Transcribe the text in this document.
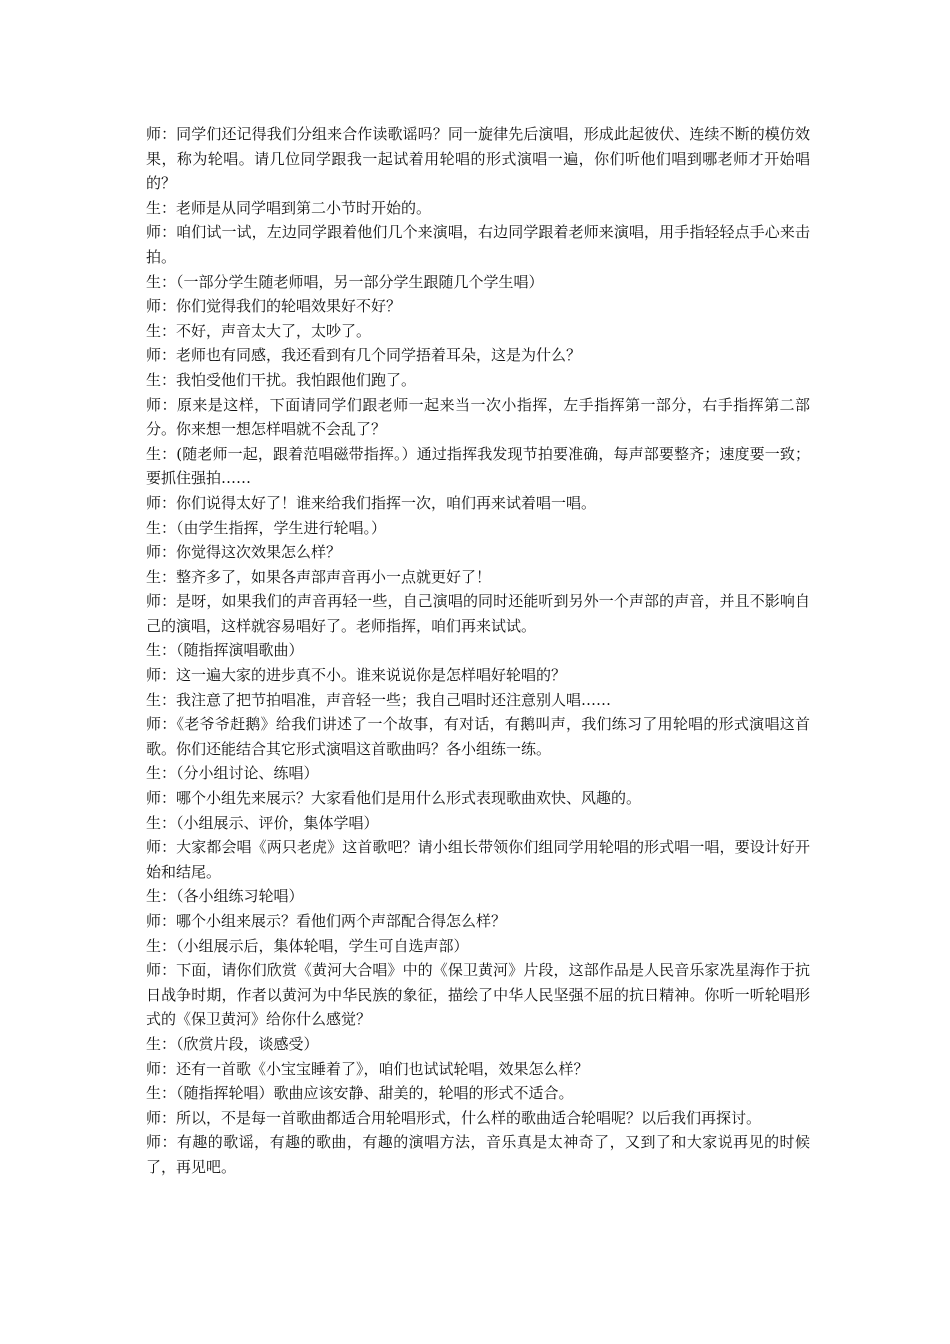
师：同学们还记得我们分组来合作读歌谣吗？同一旋律先后演唱，形成此起彼伏、连续不断的模仿效果，称为轮唱。请几位同学跟我一起试着用轮唱的形式演唱一遍，你们听他们唱到哪老师才开始唱的？

生：老师是从同学唱到第二小节时开始的。

师：咱们试一试，左边同学跟着他们几个来演唱，右边同学跟着老师来演唱，用手指轻轻点手心来击拍。

生：（一部分学生随老师唱，另一部分学生跟随几个学生唱）

师：你们觉得我们的轮唱效果好不好？

生：不好，声音太大了，太吵了。

师：老师也有同感，我还看到有几个同学捂着耳朵，这是为什么？

生：我怕受他们干扰。我怕跟他们跑了。

师：原来是这样，下面请同学们跟老师一起来当一次小指挥，左手指挥第一部分，右手指挥第二部分。你来想一想怎样唱就不会乱了？

生：(随老师一起，跟着范唱磁带指挥。）通过指挥我发现节拍要准确，每声部要整齐；速度要一致；要抓住强拍……

师：你们说得太好了！谁来给我们指挥一次，咱们再来试着唱一唱。

生：（由学生指挥，学生进行轮唱。）

师：你觉得这次效果怎么样？

生：整齐多了，如果各声部声音再小一点就更好了！

师：是呀，如果我们的声音再轻一些，自己演唱的同时还能听到另外一个声部的声音，并且不影响自己的演唱，这样就容易唱好了。老师指挥，咱们再来试试。

生：（随指挥演唱歌曲）

师：这一遍大家的进步真不小。谁来说说你是怎样唱好轮唱的？

生：我注意了把节拍唱准，声音轻一些；我自己唱时还注意别人唱……

师：《老爷爷赶鹅》给我们讲述了一个故事，有对话，有鹅叫声，我们练习了用轮唱的形式演唱这首歌。你们还能结合其它形式演唱这首歌曲吗？各小组练一练。

生：（分小组讨论、练唱）

师：哪个小组先来展示？大家看他们是用什么形式表现歌曲欢快、风趣的。

生：（小组展示、评价，集体学唱）

师：大家都会唱《两只老虎》这首歌吧？请小组长带领你们组同学用轮唱的形式唱一唱，要设计好开始和结尾。

生：（各小组练习轮唱）

师：哪个小组来展示？看他们两个声部配合得怎么样？

生：（小组展示后，集体轮唱，学生可自选声部）

师：下面，请你们欣赏《黄河大合唱》中的《保卫黄河》片段，这部作品是人民音乐家冼星海作于抗日战争时期，作者以黄河为中华民族的象征，描绘了中华人民坚强不屈的抗日精神。你听一听轮唱形式的《保卫黄河》给你什么感觉？

生：（欣赏片段，谈感受）

师：还有一首歌《小宝宝睡着了》，咱们也试试轮唱，效果怎么样？

生：（随指挥轮唱）歌曲应该安静、甜美的，轮唱的形式不适合。

师：所以，不是每一首歌曲都适合用轮唱形式，什么样的歌曲适合轮唱呢？以后我们再探讨。

师：有趣的歌谣，有趣的歌曲，有趣的演唱方法，音乐真是太神奇了，又到了和大家说再见的时候了，再见吧。
